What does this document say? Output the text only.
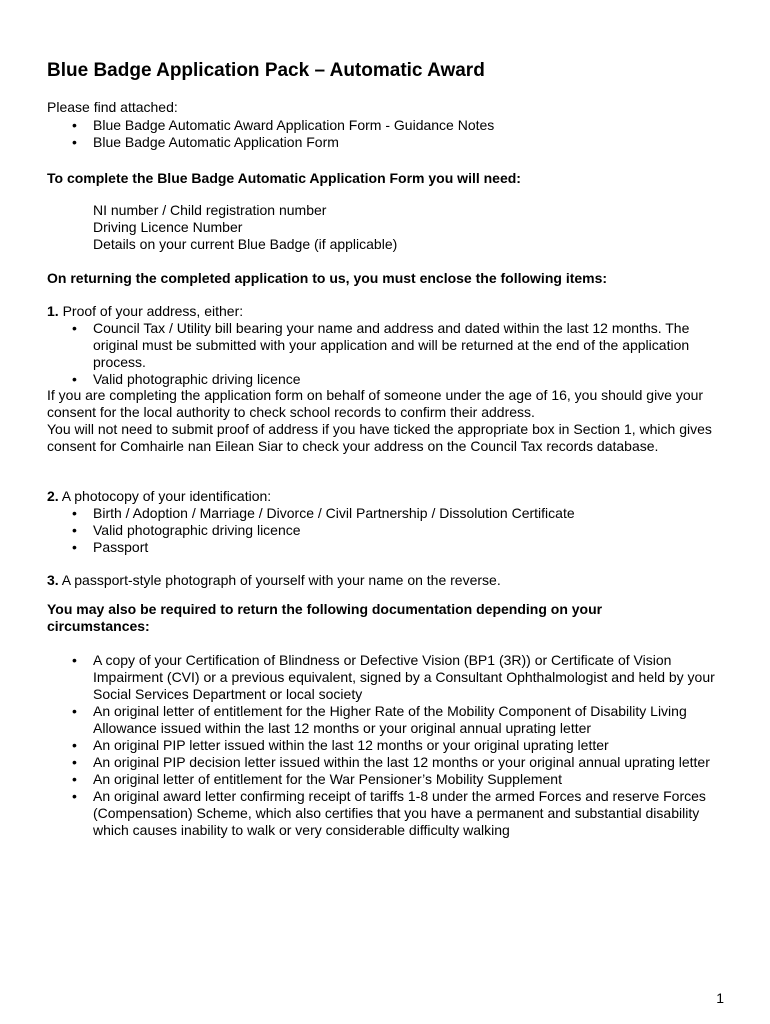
Blue Badge Application Pack – Automatic Award
Please find attached:
• Blue Badge Automatic Award Application Form - Guidance Notes
• Blue Badge Automatic Application Form
To complete the Blue Badge Automatic Application Form you will need:
NI number / Child registration number
Driving Licence Number
Details on your current Blue Badge (if applicable)
On returning the completed application to us, you must enclose the following items:
1. Proof of your address, either:
• Council Tax / Utility bill bearing your name and address and dated within the last 12 months. The original must be submitted with your application and will be returned at the end of the application process.
• Valid photographic driving licence
If you are completing the application form on behalf of someone under the age of 16, you should give your consent for the local authority to check school records to confirm their address.
You will not need to submit proof of address if you have ticked the appropriate box in Section 1, which gives consent for Comhairle nan Eilean Siar to check your address on the Council Tax records database.
2. A photocopy of your identification:
• Birth / Adoption / Marriage / Divorce / Civil Partnership / Dissolution Certificate
• Valid photographic driving licence
• Passport
3. A passport-style photograph of yourself with your name on the reverse.
You may also be required to return the following documentation depending on your circumstances:
• A copy of your Certification of Blindness or Defective Vision (BP1 (3R)) or Certificate of Vision Impairment (CVI) or a previous equivalent, signed by a Consultant Ophthalmologist and held by your Social Services Department or local society
• An original letter of entitlement for the Higher Rate of the Mobility Component of Disability Living Allowance issued within the last 12 months or your original annual uprating letter
• An original PIP letter issued within the last 12 months or your original uprating letter
• An original PIP decision letter issued within the last 12 months or your original annual uprating letter
• An original letter of entitlement for the War Pensioner’s Mobility Supplement
• An original award letter confirming receipt of tariffs 1-8 under the armed Forces and reserve Forces (Compensation) Scheme, which also certifies that you have a permanent and substantial disability which causes inability to walk or very considerable difficulty walking
1
